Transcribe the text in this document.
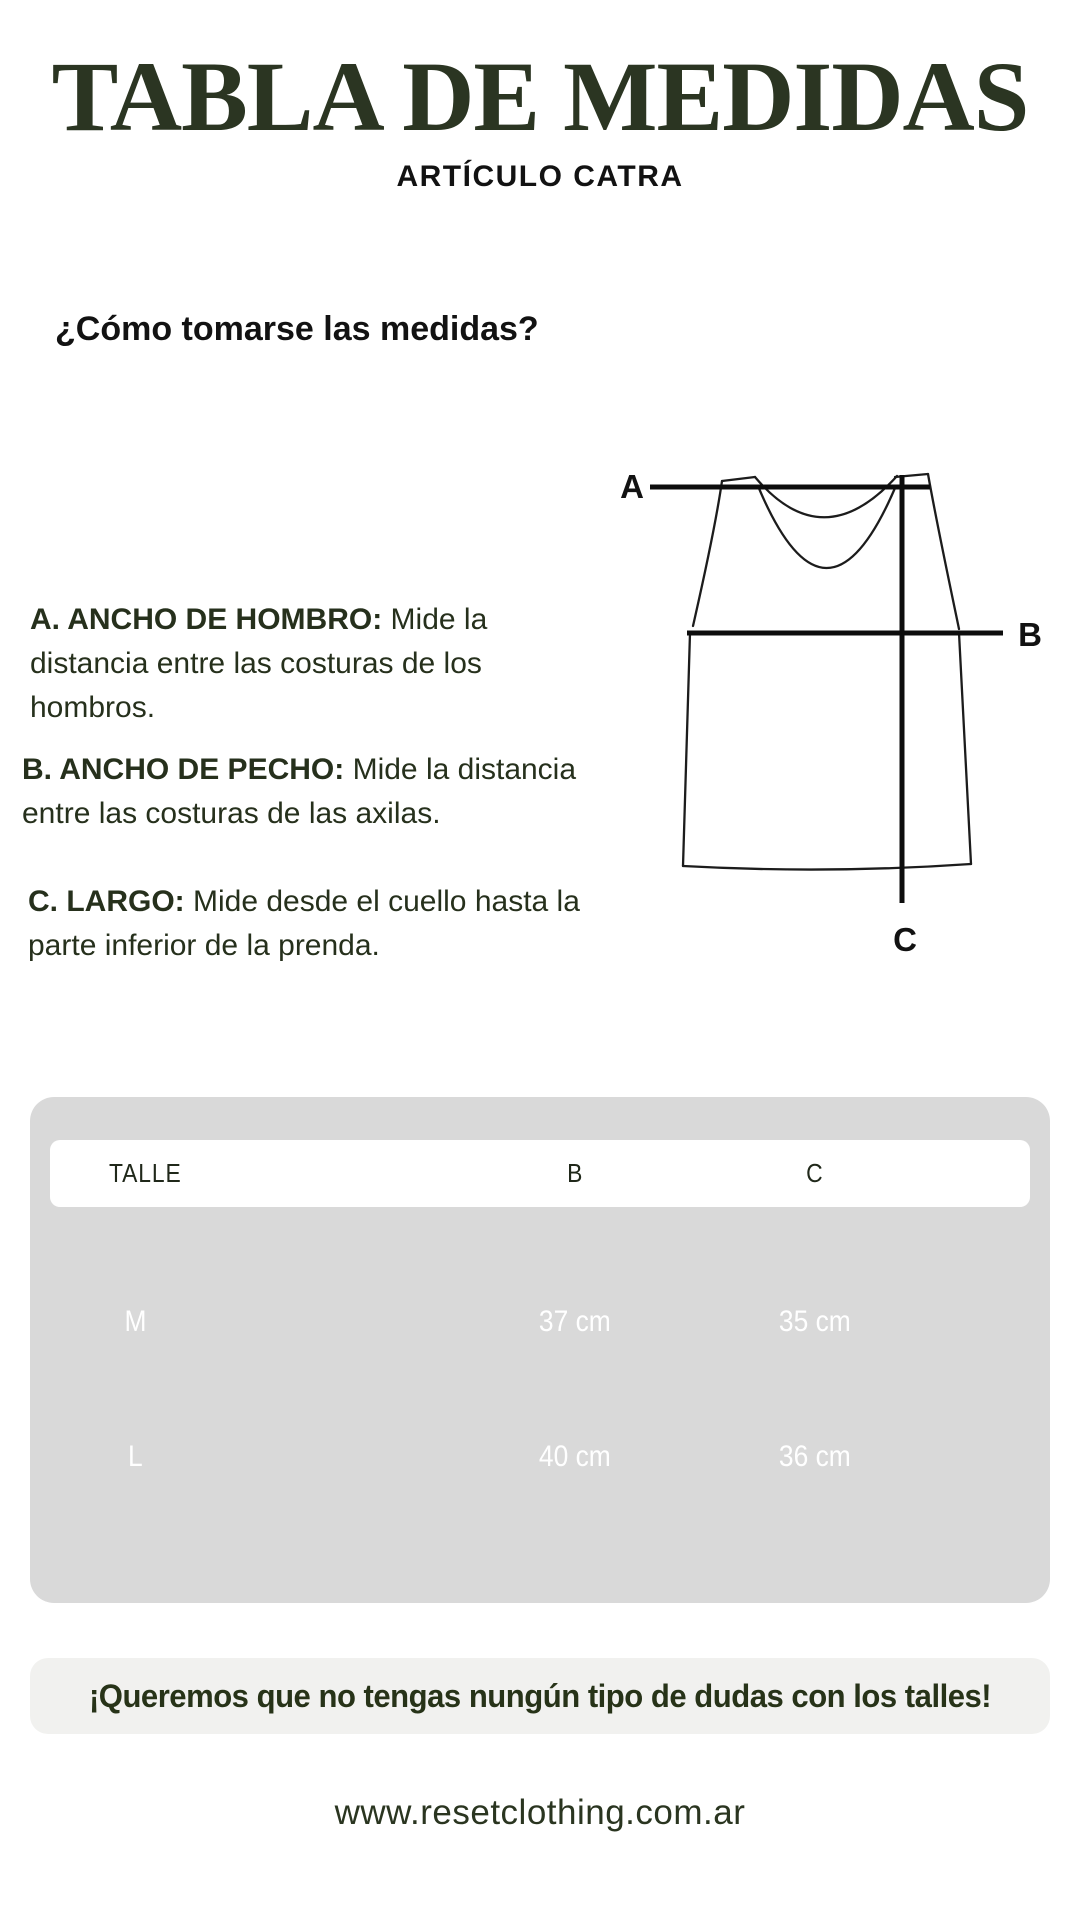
TABLA DE MEDIDAS
ARTÍCULO CATRA
¿Cómo tomarse las medidas?
A. ANCHO DE HOMBRO: Mide la distancia entre las costuras de los hombros.
B. ANCHO DE PECHO: Mide la distancia entre las costuras de las axilas.
C. LARGO: Mide desde el cuello hasta la parte inferior de la prenda.
A
B
C
TALLE	B	C
M	37 cm	35 cm
L	40 cm	36 cm
¡Queremos que no tengas nungún tipo de dudas con los talles!
www.resetclothing.com.ar
